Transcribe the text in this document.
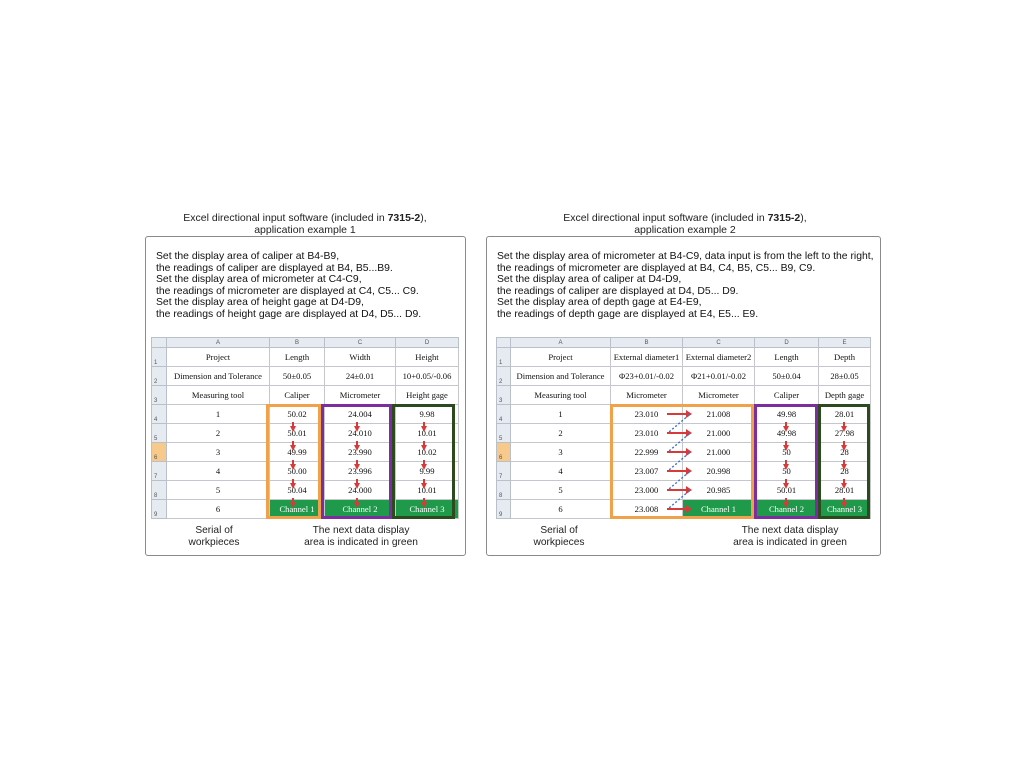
Excel directional input software (included in 7315-2),
application example 1
Set the display area of caliper at B4-B9,
the readings of caliper are displayed at B4, B5...B9.
Set the display area of micrometer at C4-C9,
the readings of micrometer are displayed at C4, C5... C9.
Set the display area of height gage at D4-D9,
the readings of height gage are displayed at D4, D5... D9.
	A	B	C	D
1	Project	Length	Width	Height
2	Dimension and Tolerance	50±0.05	24±0.01	10+0.05/-0.06
3	Measuring tool	Caliper	Micrometer	Height gage
4	1	50.02	24.004	9.98
5	2	50.01	24.010	10.01
6	3	49.99	23.990	10.02
7	4	50.00	23.996	9.99
8	5	50.04	24.000	10.01
9	6	Channel 1	Channel 2	Channel 3
Serial of
workpieces
The next data display
area is indicated in green
Excel directional input software (included in 7315-2),
application example 2
Set the display area of micrometer at B4-C9, data input is from the left to the right,
the readings of micrometer are displayed at B4, C4, B5, C5... B9, C9.
Set the display area of caliper at D4-D9,
the readings of caliper are displayed at D4, D5... D9.
Set the display area of depth gage at E4-E9,
the readings of depth gage are displayed at E4, E5... E9.
	A	B	C	D	E
1	Project	External diameter1	External diameter2	Length	Depth
2	Dimension and Tolerance	Φ23+0.01/-0.02	Φ21+0.01/-0.02	50±0.04	28±0.05
3	Measuring tool	Micrometer	Micrometer	Caliper	Depth gage
4	1	23.010	21.008	49.98	28.01
5	2	23.010	21.000	49.98	27.98
6	3	22.999	21.000	50	28
7	4	23.007	20.998	50	28
8	5	23.000	20.985	50.01	28.01
9	6	23.008	Channel 1	Channel 2	Channel 3
Serial of
workpieces
The next data display
area is indicated in green
